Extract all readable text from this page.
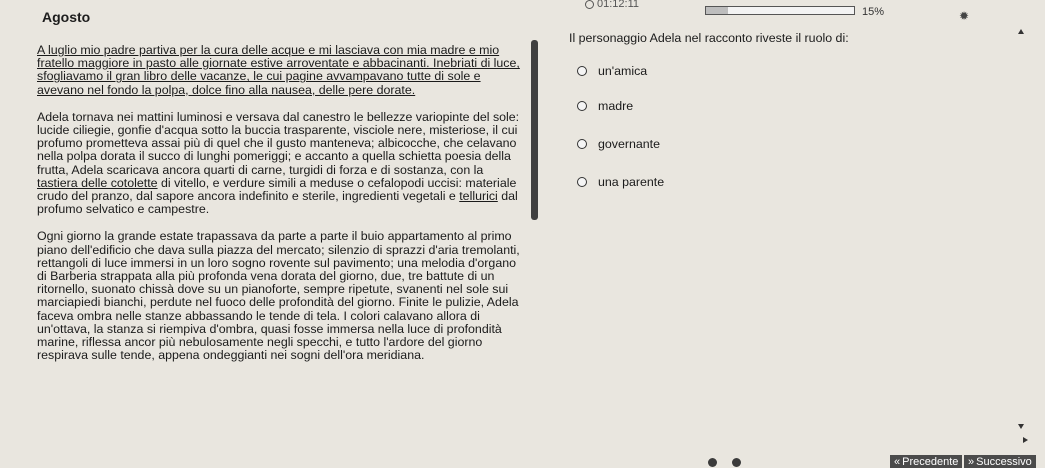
Agosto
01:12:11
15%	✹

A luglio mio padre partiva per la cura delle acque e mi lasciava con mia madre e mio fratello maggiore in pasto alle giornate estive arroventate e abbacinanti. Inebriati di luce, sfogliavamo il gran libro delle vacanze, le cui pagine avvampavano tutte di sole e avevano nel fondo la polpa, dolce fino alla nausea, delle pere dorate.

Adela tornava nei mattini luminosi e versava dal canestro le bellezze variopinte del sole: lucide ciliegie, gonfie d'acqua sotto la buccia trasparente, visciole nere, misteriose, il cui profumo prometteva assai più di quel che il gusto manteneva; albicocche, che celavano nella polpa dorata il succo di lunghi pomeriggi; e accanto a quella schietta poesia della frutta, Adela scaricava ancora quarti di carne, turgidi di forza e di sostanza, con la tastiera delle cotolette di vitello, e verdure simili a meduse o cefalopodi uccisi: materiale crudo del pranzo, dal sapore ancora indefinito e sterile, ingredienti vegetali e tellurici dal profumo selvatico e campestre.

Ogni giorno la grande estate trapassava da parte a parte il buio appartamento al primo piano dell'edificio che dava sulla piazza del mercato; silenzio di sprazzi d'aria tremolanti, rettangoli di luce immersi in un loro sogno rovente sul pavimento; una melodia d'organo di Barberia strappata alla più profonda vena dorata del giorno, due, tre battute di un ritornello, suonato chissà dove su un pianoforte, sempre ripetute, svanenti nel sole sui marciapiedi bianchi, perdute nel fuoco delle profondità del giorno. Finite le pulizie, Adela faceva ombra nelle stanze abbassando le tende di tela. I colori calavano allora di un'ottava, la stanza si riempiva d'ombra, quasi fosse immersa nella luce di profondità marine, riflessa ancor più nebulosamente negli specchi, e tutto l'ardore del giorno respirava sulle tende, appena ondeggianti nei sogni dell'ora meridiana.

Il personaggio Adela nel racconto riveste il ruolo di:
un'amica
madre
governante
una parente
« Precedente » Successivo
